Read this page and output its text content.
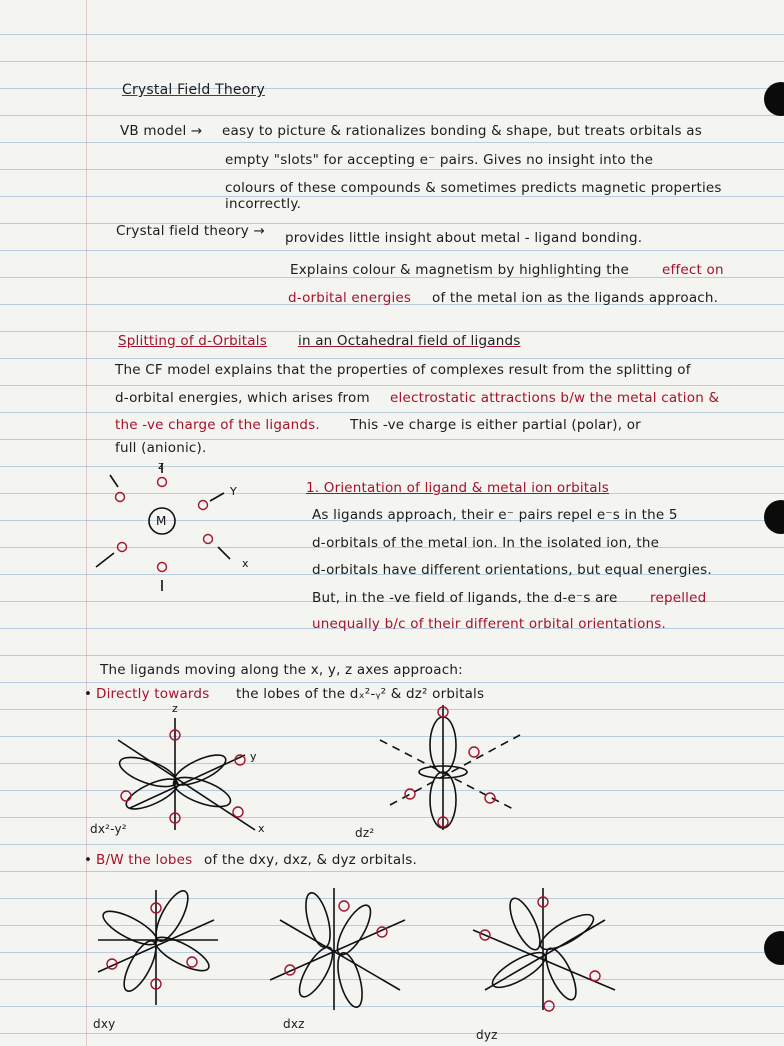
Crystal Field Theory
VB model → easy to picture & rationalizes bonding & shape, but treats orbitals as
empty "slots" for accepting e⁻ pairs. Gives no insight into the
colours of these compounds & sometimes predicts magnetic properties
incorrectly.
Crystal field theory → provides little insight about metal - ligand bonding.
Explains colour & magnetism by highlighting the effect on
d-orbital energies of the metal ion as the ligands approach.
Splitting of d-Orbitals in an Octahedral field of ligands
The CF model explains that the properties of complexes result from the splitting of
d-orbital energies, which arises from electrostatic attractions b/w the metal cation &
the -ve charge of the ligands. This -ve charge is either partial (polar), or
full (anionic).
z
M
Y
x
1. Orientation of ligand & metal ion orbitals
As ligands approach, their e⁻ pairs repel e⁻s in the 5
d-orbitals of the metal ion. In the isolated ion, the
d-orbitals have different orientations, but equal energies.
But, in the -ve field of ligands, the d-e⁻s are repelled
unequally b/c of their different orbital orientations.
The ligands moving along the x, y, z axes approach:
• Directly towards the lobes of the dₓ²-ᵧ² & dz² orbitals
z
y
x
dx²-y²	dz²
• B/W the lobes of the dxy, dxz, & dyz orbitals.
dxy	dxz
dyz
